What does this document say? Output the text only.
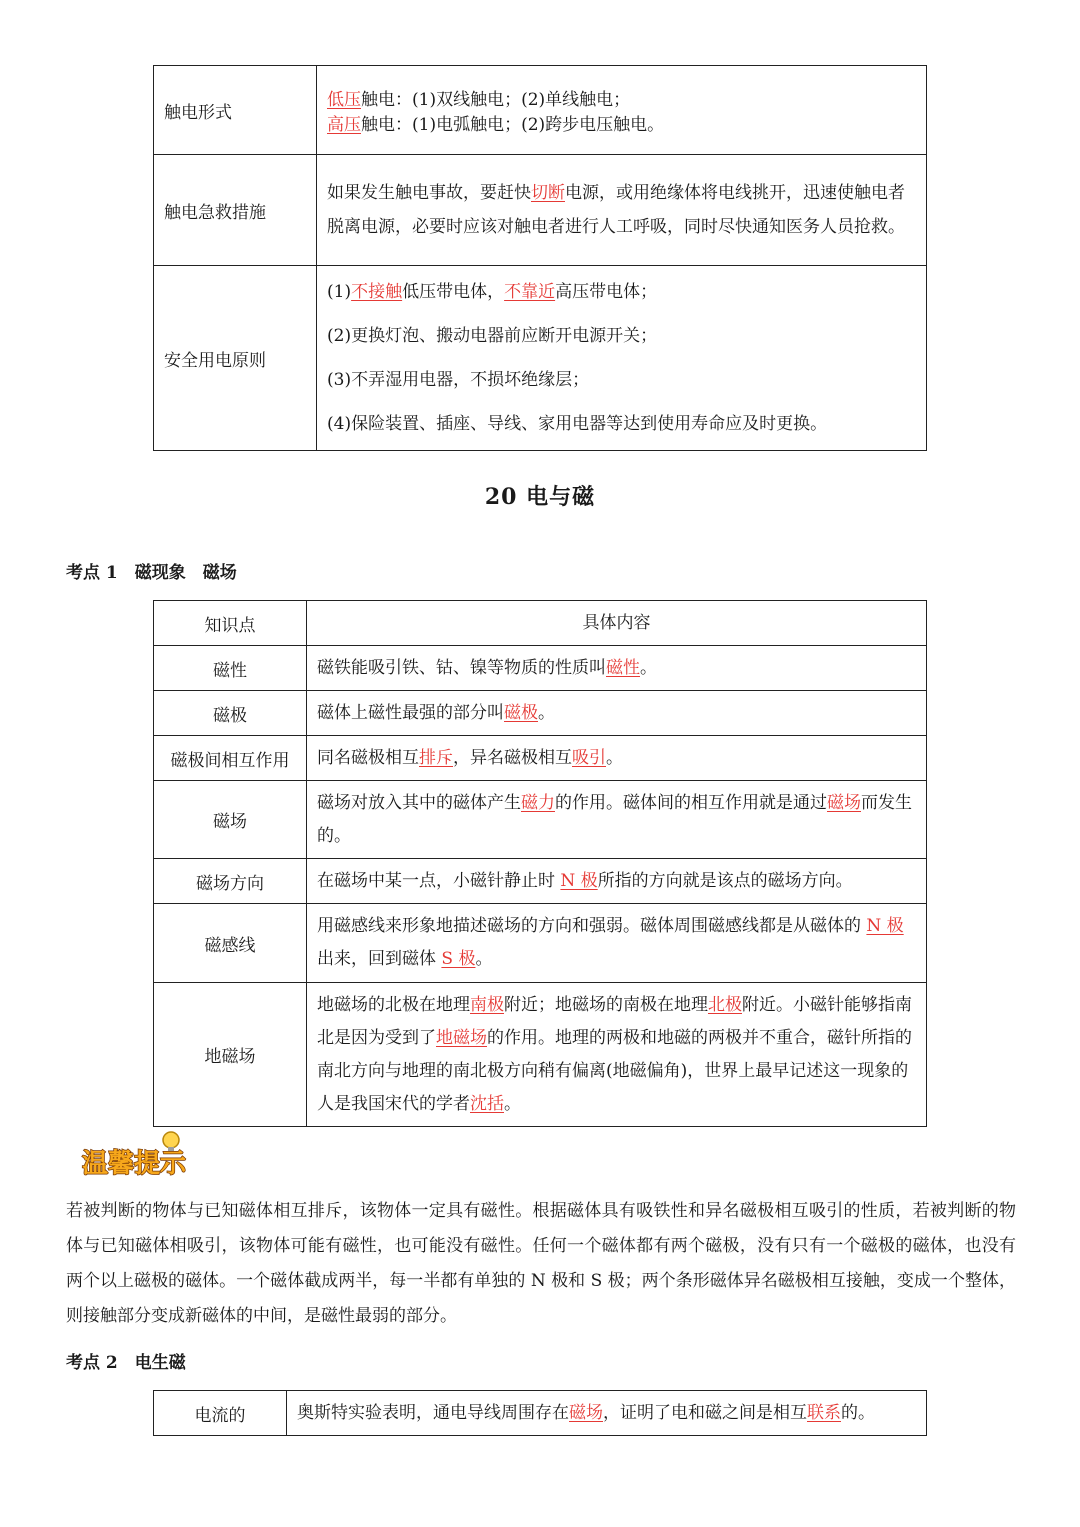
触电形式	低压触电：(1)双线触电；(2)单线触电；
高压触电：(1)电弧触电；(2)跨步电压触电。

触电急救措施	如果发生触电事故，要赶快切断电源，或用绝缘体将电线挑开，迅速使触电者脱离电源，必要时应该对触电者进行人工呼吸，同时尽快通知医务人员抢救。

安全用电原则	(1)不接触低压带电体，不靠近高压带电体；
(2)更换灯泡、搬动电器前应断开电源开关；
(3)不弄湿用电器，不损坏绝缘层；
(4)保险装置、插座、导线、家用电器等达到使用寿命应及时更换。
20 电与磁
考点 1　磁现象　磁场
知识点	具体内容
磁性	磁铁能吸引铁、钴、镍等物质的性质叫磁性。

磁极	磁体上磁性最强的部分叫磁极。

磁极间相互作用	同名磁极相互排斥，异名磁极相互吸引。

磁场	磁场对放入其中的磁体产生磁力的作用。磁体间的相互作用就是通过磁场而发生的。

磁场方向	在磁场中某一点，小磁针静止时 N 极所指的方向就是该点的磁场方向。

磁感线	用磁感线来形象地描述磁场的方向和强弱。磁体周围磁感线都是从磁体的 N 极出来，回到磁体 S 极。

地磁场	地磁场的北极在地理南极附近；地磁场的南极在地理北极附近。小磁针能够指南北是因为受到了地磁场的作用。地理的两极和地磁的两极并不重合，磁针所指的南北方向与地理的南北极方向稍有偏离(地磁偏角)，世界上最早记述这一现象的人是我国宋代的学者沈括。
温馨提示
若被判断的物体与已知磁体相互排斥，该物体一定具有磁性。根据磁体具有吸铁性和异名磁极相互吸引的性质，若被判断的物体与已知磁体相吸引，该物体可能有磁性，也可能没有磁性。任何一个磁体都有两个磁极，没有只有一个磁极的磁体，也没有两个以上磁极的磁体。一个磁体截成两半，每一半都有单独的 N 极和 S 极；两个条形磁体异名磁极相互接触，变成一个整体，则接触部分变成新磁体的中间，是磁性最弱的部分。
考点 2　电生磁
电流的	奥斯特实验表明，通电导线周围存在磁场，证明了电和磁之间是相互联系的。
